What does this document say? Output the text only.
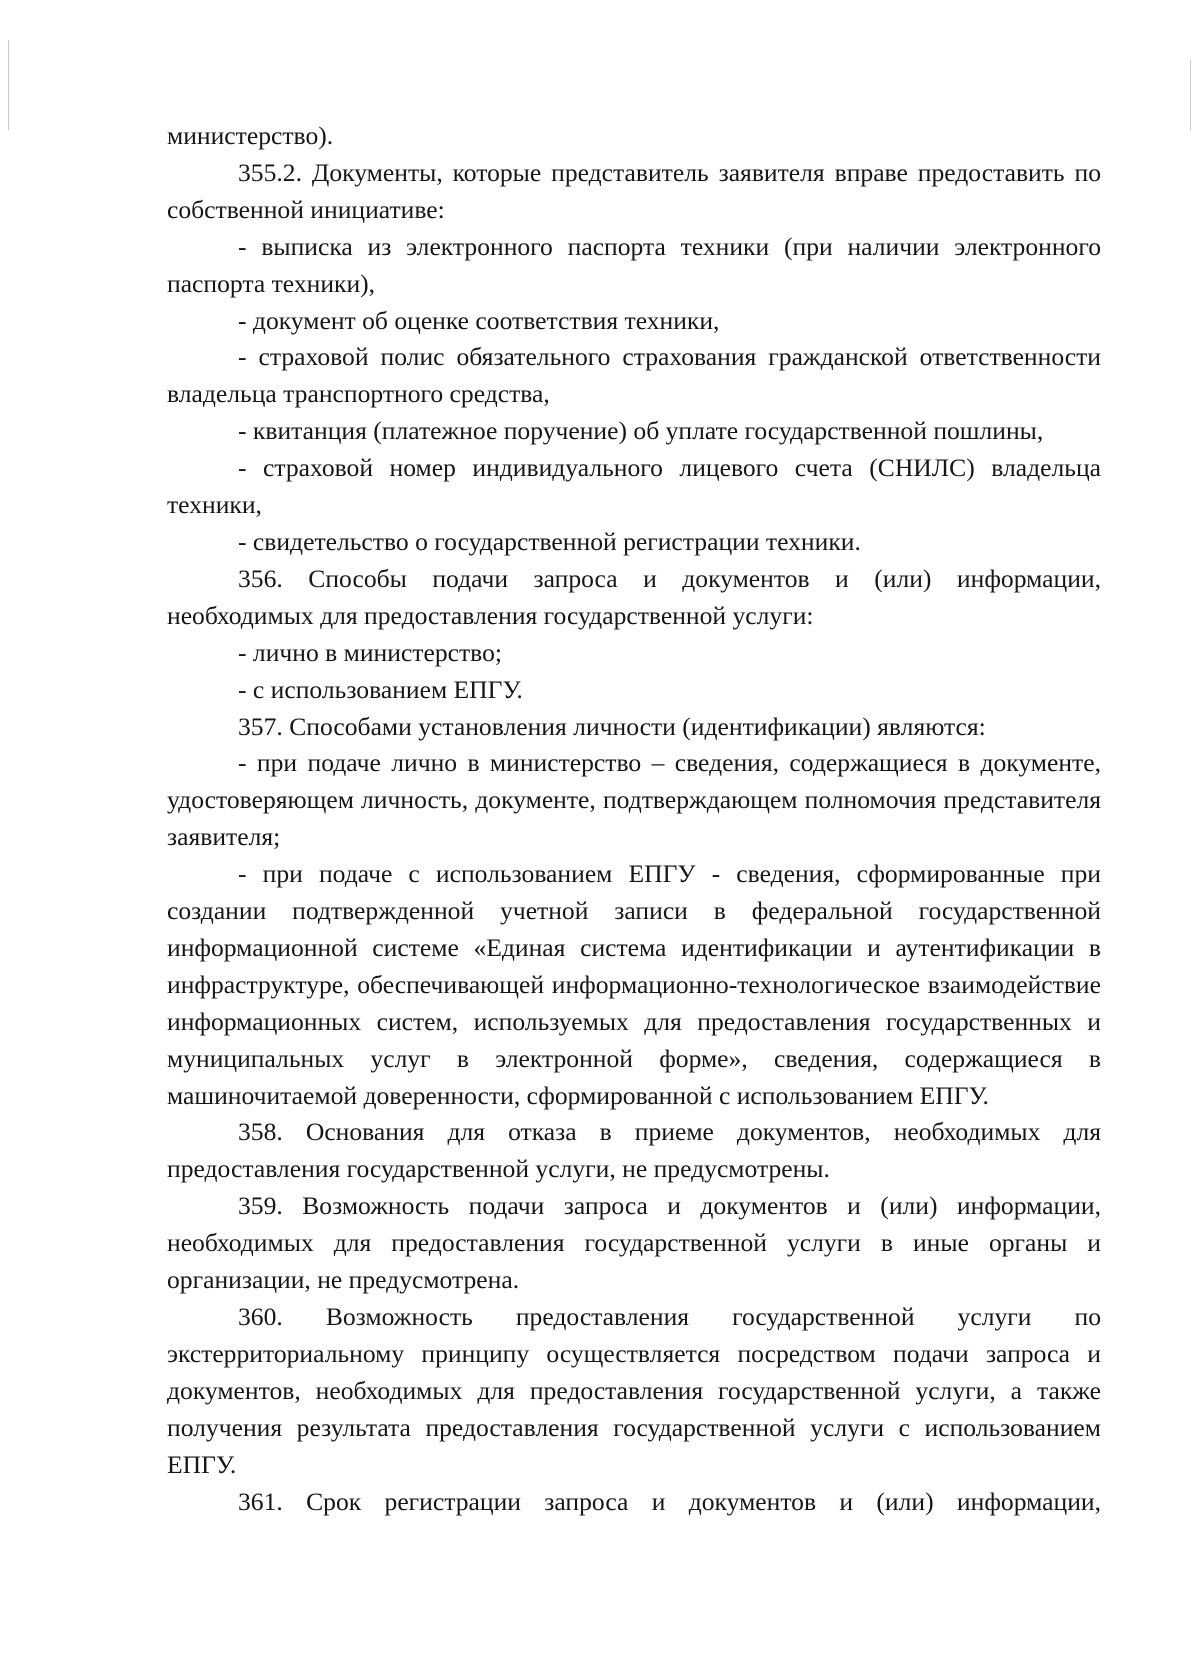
министерство).

355.2. Документы, которые представитель заявителя вправе предоставить по собственной инициативе:

- выписка из электронного паспорта техники (при наличии электронного паспорта техники),

- документ об оценке соответствия техники,

- страховой полис обязательного страхования гражданской ответственности владельца транспортного средства,

- квитанция (платежное поручение) об уплате государственной пошлины,

- страховой номер индивидуального лицевого счета (СНИЛС) владельца техники,

- свидетельство о государственной регистрации техники.

356. Способы подачи запроса и документов и (или) информации, необходимых для предоставления государственной услуги:

- лично в министерство;

- с использованием ЕПГУ.

357. Способами установления личности (идентификации) являются:

- при подаче лично в министерство – сведения, содержащиеся в документе, удостоверяющем личность, документе, подтверждающем полномочия представителя заявителя;

- при подаче с использованием ЕПГУ - сведения, сформированные при создании подтвержденной учетной записи в федеральной государственной информационной системе «Единая система идентификации и аутентификации в инфраструктуре, обеспечивающей информационно-технологическое взаимодействие информационных систем, используемых для предоставления государственных и муниципальных услуг в электронной форме», сведения, содержащиеся в машиночитаемой доверенности, сформированной с использованием ЕПГУ.

358. Основания для отказа в приеме документов, необходимых для предоставления государственной услуги, не предусмотрены.

359. Возможность подачи запроса и документов и (или) информации, необходимых для предоставления государственной услуги в иные органы и организации, не предусмотрена.

360. Возможность предоставления государственной услуги по экстерриториальному принципу осуществляется посредством подачи запроса и документов, необходимых для предоставления государственной услуги, а также получения результата предоставления государственной услуги с использованием ЕПГУ.

361. Срок регистрации запроса и документов и (или) информации,
